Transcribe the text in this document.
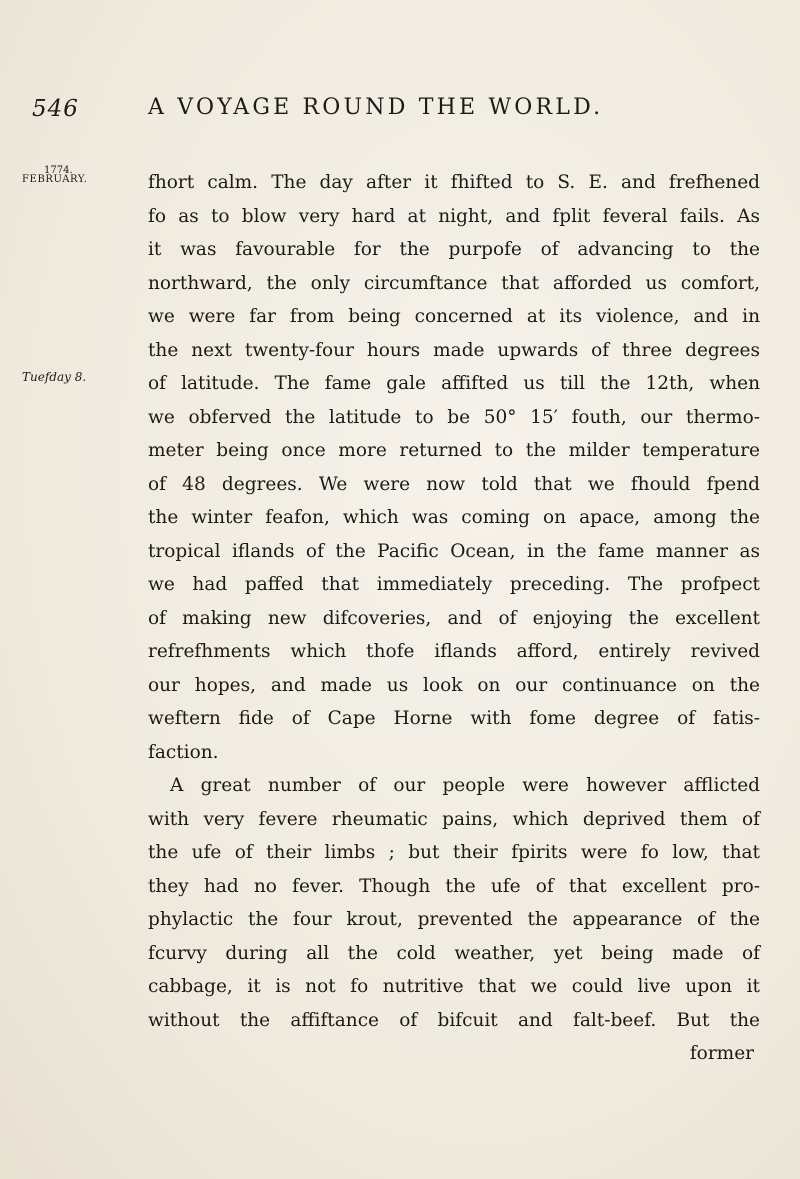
546	A VOYAGE ROUND THE WORLD.
1774.
FEBRUARY.
Tuefday 8.
fhort calm. The day after it fhifted to S. E. and frefhened
fo as to blow very hard at night, and fplit feveral fails. As
it was favourable for the purpofe of advancing to the
northward, the only circumftance that afforded us comfort,
we were far from being concerned at its violence, and in
the next twenty-four hours made upwards of three degrees
of latitude. The fame gale affifted us till the 12th, when
we obferved the latitude to be 50° 15′ fouth, our thermo-
meter being once more returned to the milder temperature
of 48 degrees. We were now told that we fhould fpend
the winter feafon, which was coming on apace, among the
tropical iflands of the Pacific Ocean, in the fame manner as
we had paffed that immediately preceding. The profpect
of making new difcoveries, and of enjoying the excellent
refrefhments which thofe iflands afford, entirely revived
our hopes, and made us look on our continuance on the
weftern fide of Cape Horne with fome degree of fatis-
faction.
A great number of our people were however afflicted
with very fevere rheumatic pains, which deprived them of
the ufe of their limbs ; but their fpirits were fo low, that
they had no fever. Though the ufe of that excellent pro-
phylactic the four krout, prevented the appearance of the
fcurvy during all the cold weather, yet being made of
cabbage, it is not fo nutritive that we could live upon it
without the affiftance of bifcuit and falt-beef. But the
former
